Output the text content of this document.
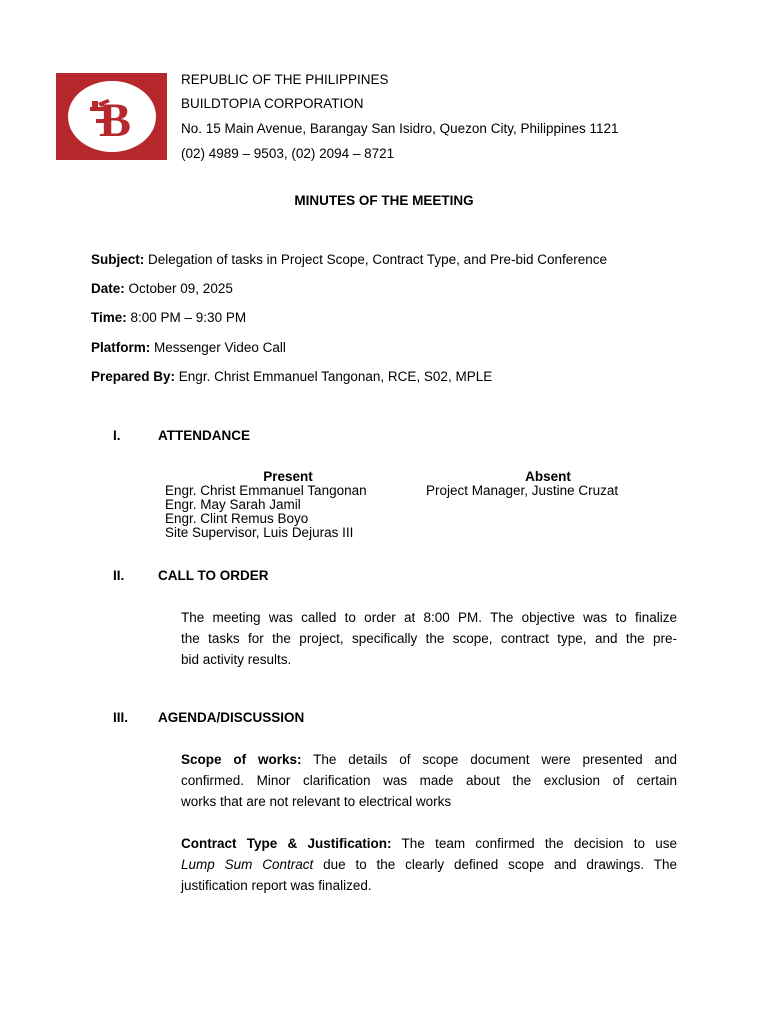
B
REPUBLIC OF THE PHILIPPINES
BUILDTOPIA CORPORATION
No. 15 Main Avenue, Barangay San Isidro, Quezon City, Philippines 1121
(02) 4989 – 9503, (02) 2094 – 8721
MINUTES OF THE MEETING
Subject: Delegation of tasks in Project Scope, Contract Type, and Pre-bid Conference
Date: October 09, 2025
Time: 8:00 PM – 9:30 PM
Platform: Messenger Video Call
Prepared By: Engr. Christ Emmanuel Tangonan, RCE, S02, MPLE
I.	ATTENDANCE
Present	Absent
Engr. Christ Emmanuel Tangonan
Engr. May Sarah Jamil
Engr. Clint Remus Boyo
Site Supervisor, Luis Dejuras III
Project Manager, Justine Cruzat
II. CALL TO ORDER
The meeting was called to order at 8:00 PM. The objective was to finalize
the tasks for the project, specifically the scope, contract type, and the pre-
bid activity results.
III. AGENDA/DISCUSSION
Scope of works: The details of scope document were presented and
confirmed. Minor clarification was made about the exclusion of certain
works that are not relevant to electrical works
Contract Type & Justification: The team confirmed the decision to use
Lump Sum Contract due to the clearly defined scope and drawings. The
justification report was finalized.
